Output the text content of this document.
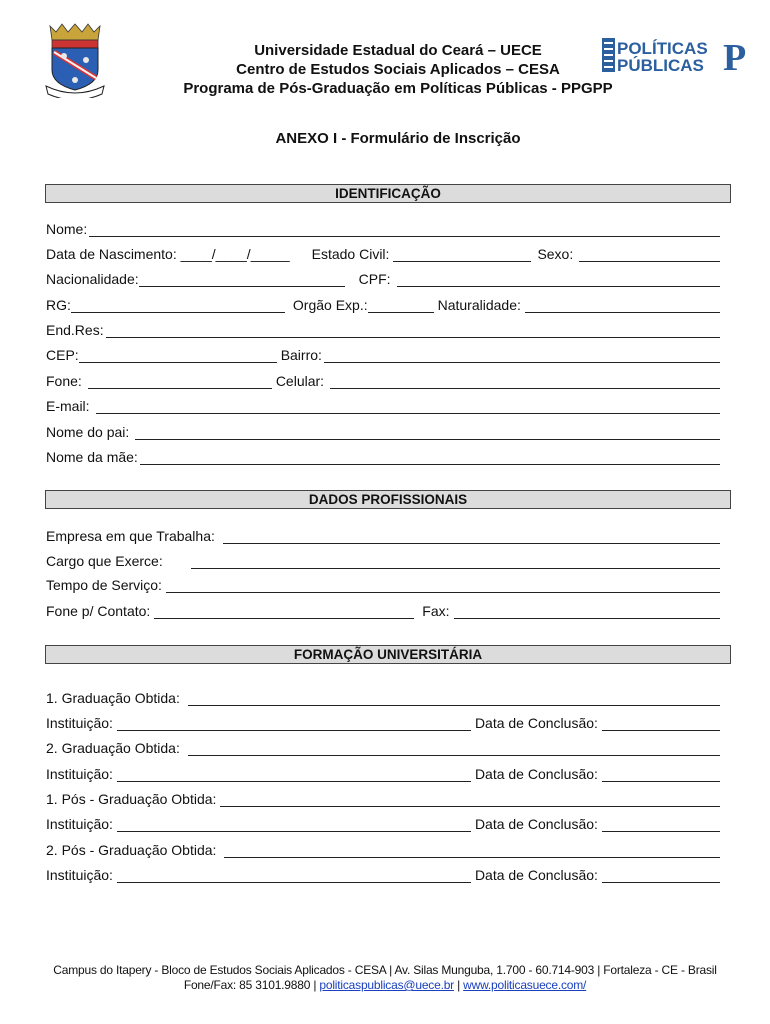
POLÍTICAS
PÚBLICAS P
Universidade Estadual do Ceará – UECE
Centro de Estudos Sociais Aplicados – CESA
Programa de Pós-Graduação em Políticas Públicas - PPGPP
ANEXO I - Formulário de Inscrição
IDENTIFICAÇÃO
Nome:
Data de Nascimento: ____/____/_____ Estado Civil:	Sexo:
Nacionalidade:	CPF:
RG:	Orgão Exp.:	Naturalidade:
End.Res:
CEP:	Bairro:
Fone:	Celular:
E-mail:
Nome do pai:
Nome da mãe:
DADOS PROFISSIONAIS
Empresa em que Trabalha:
Cargo que Exerce:
Tempo de Serviço:
Fone p/ Contato:	Fax:
FORMAÇÃO UNIVERSITÁRIA
1. Graduação Obtida:
Instituição:	Data de Conclusão:
2. Graduação Obtida:
Instituição:	Data de Conclusão:
1. Pós - Graduação Obtida:
Instituição:	Data de Conclusão:
2. Pós - Graduação Obtida:
Instituição:	Data de Conclusão:
Campus do Itapery - Bloco de Estudos Sociais Aplicados - CESA | Av. Silas Munguba, 1.700 - 60.714-903 | Fortaleza - CE - Brasil
Fone/Fax: 85 3101.9880 | politicaspublicas@uece.br | www.politicasuece.com/
